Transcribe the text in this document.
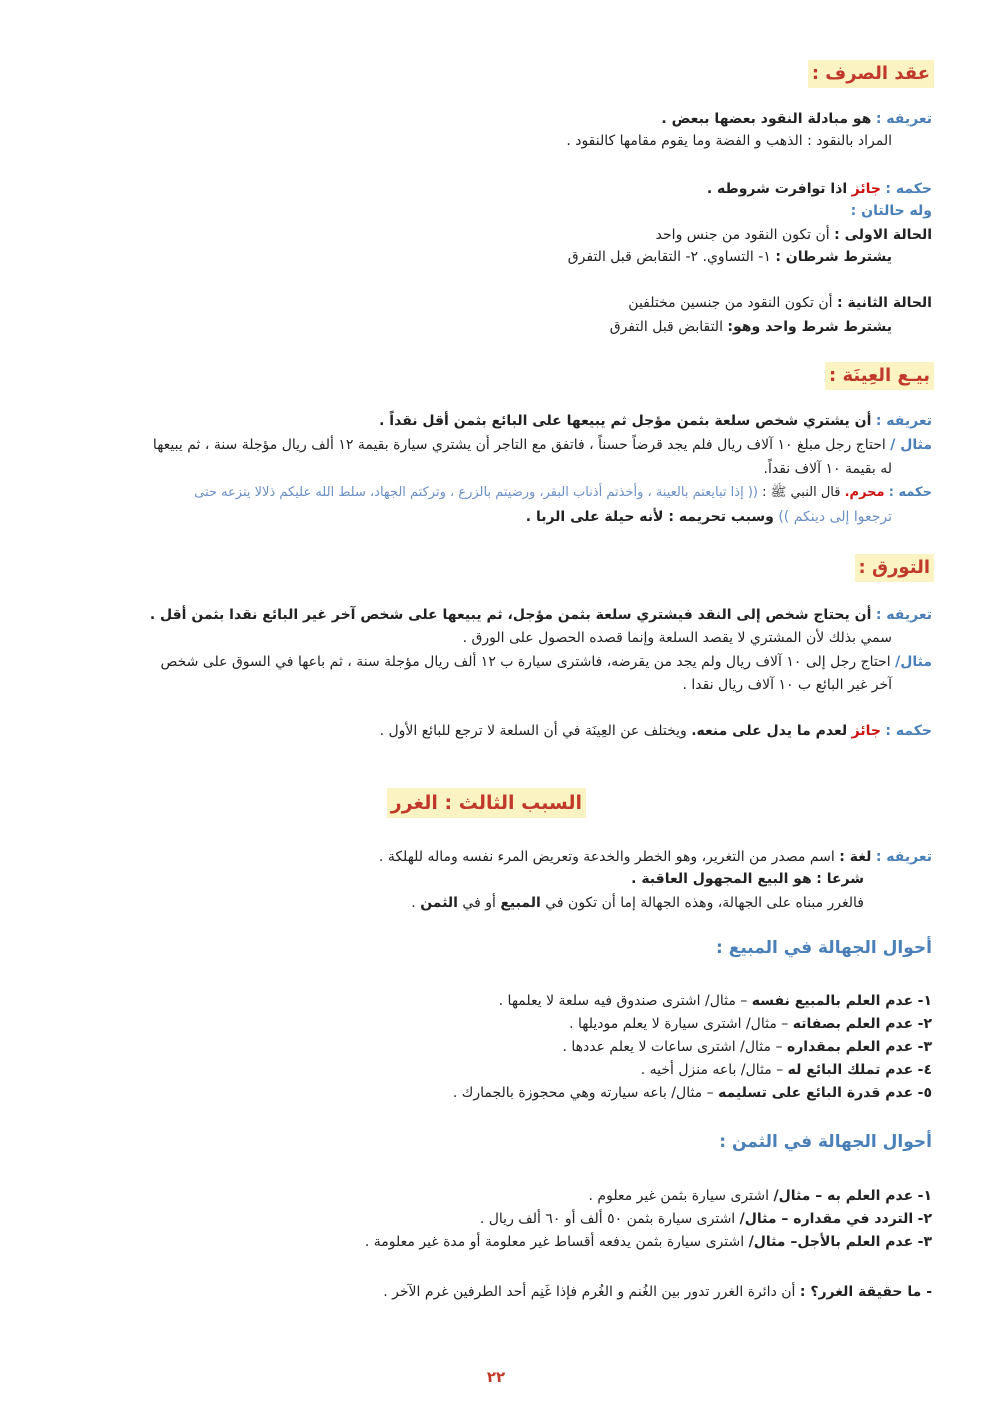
عقد الصرف :
تعريفه : هو مبادلة النقود بعضها ببعض .
المراد بالنقود : الذهب و الفضة وما يقوم مقامها كالنقود .
حكمه : جائز اذا توافرت شروطه .
وله حالتان :
الحالة الاولى : أن تكون النقود من جنس واحد
يشترط شرطان : ١- التساوي. ٢- التقابض قبل التفرق
الحالة الثانية : أن تكون النقود من جنسين مختلفين
يشترط شرط واحد وهو: التقابض قبل التفرق
بيـع العِينَة :
تعريفه : أن يشتري شخص سلعة بثمن مؤجل ثم يبيعها على البائع بثمن أقل نقداً .
مثال / احتاج رجل مبلغ ١٠ آلاف ريال فلم يجد قرضاً حسناً ، فاتفق مع التاجر أن يشتري سيارة بقيمة ١٢ ألف ريال مؤجلة سنة ، ثم يبيعها
له بقيمة ١٠ آلاف نقداً.
حكمه : محرم. قال النبي ﷺ : (( إذا تبايعتم بالعينة ، وأخذتم أذناب البقر، ورضيتم بالزرع ، وتركتم الجهاد، سلط الله عليكم ذلالا ينزعه حتى
ترجعوا إلى دينكم )) وسبب تحريمه : لأنه حيلة على الربا .
التورق :
تعريفه : أن يحتاج شخص إلى النقد فيشتري سلعة بثمن مؤجل، ثم يبيعها على شخص آخر غير البائع نقدا بثمن أقل .
سمي بذلك لأن المشتري لا يقصد السلعة وإنما قصده الحصول على الورق .
مثال/ احتاج رجل إلى ١٠ آلاف ريال ولم يجد من يقرضه، فاشترى سيارة ب ١٢ ألف ريال مؤجلة سنة ، ثم باعها في السوق على شخص
آخر غير البائع ب ١٠ آلاف ريال نقدا .
حكمه : جائز لعدم ما يدل على منعه. ويختلف عن العِينَة في أن السلعة لا ترجع للبائع الأول .
السبب الثالث : الغرر
تعريفه : لغة : اسم مصدر من التغرير، وهو الخطر والخدعة وتعريض المرء نفسه وماله للهلكة .
شرعا : هو البيع المجهول العاقبة .
فالغرر مبناه على الجهالة، وهذه الجهالة إما أن تكون في المبيع أو في الثمن .
أحوال الجهالة في المبيع :
١- عدم العلم بالمبيع نفسه – مثال/ اشترى صندوق فيه سلعة لا يعلمها .
٢- عدم العلم بصفاته – مثال/ اشترى سيارة لا يعلم موديلها .
٣- عدم العلم بمقداره – مثال/ اشترى ساعات لا يعلم عددها .
٤- عدم تملك البائع له – مثال/ باعه منزل أخيه .
٥- عدم قدرة البائع على تسليمه – مثال/ باعه سيارته وهي محجوزة بالجمارك .
أحوال الجهالة في الثمن :
١- عدم العلم به – مثال/ اشترى سيارة بثمن غير معلوم .
٢- التردد في مقداره – مثال/ اشترى سيارة بثمن ٥٠ ألف أو ٦٠ ألف ريال .
٣- عدم العلم بالأجل– مثال/ اشترى سيارة بثمن يدفعه أقساط غير معلومة أو مدة غير معلومة .
- ما حقيقة الغرر؟ : أن دائرة الغرر تدور بين الغُنم و الغُرم فإذا غَنِم أحد الطرفين غرم الآخر .
٢٢
